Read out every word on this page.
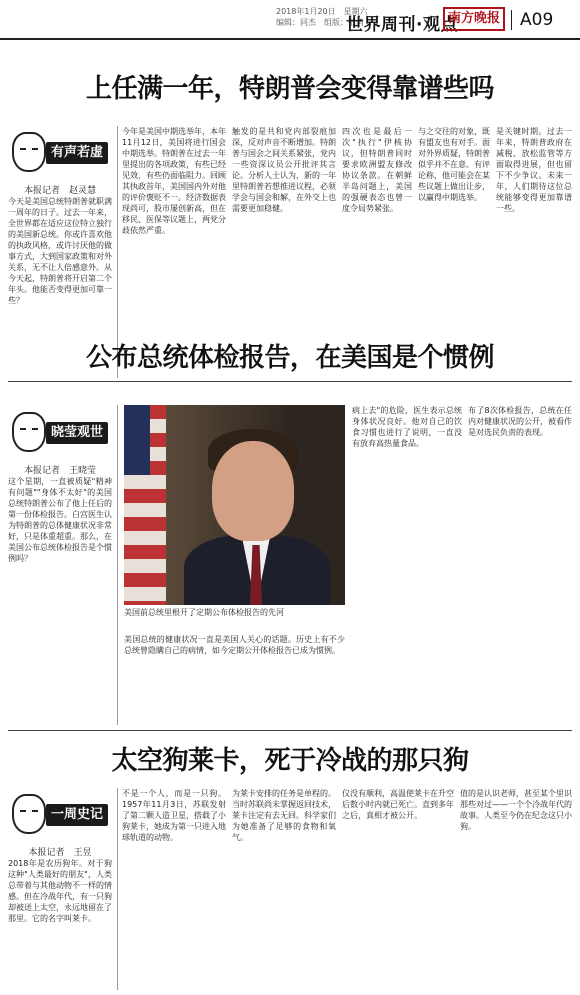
2018年1月20日　星期六
编辑：同杰　组版：敬莉
世界周刊·观点
南方晚报 A09
上任满一年，特朗普会变得靠谱些吗
有声若虚
本报记者　赵灵慧
今天是美国总统特朗普就职满一周年的日子。过去一年来，全世界都在适应这位特立独行的美国新总统。你或许喜欢他的执政风格，或许讨厌他的做事方式，大到国家政策和对外关系，无不让人倍感意外。从今天起，特朗普将开启第二个年头。他能否变得更加可靠一些？
今年是美国中期选举年，本年11月12日，美国将进行国会中期选举。特朗普在过去一年里提出的各项政策，有些已经见效，有些仍面临阻力。回顾其执政首年，美国国内外对他的评价褒贬不一。经济数据表现尚可，股市屡创新高，但在移民、医保等议题上，两党分歧依然严重。
触发的是共和党内部裂痕加深，反对声音不断增加。特朗普与国会之间关系紧张，党内一些资深议员公开批评其言论。分析人士认为，新的一年里特朗普若想推进议程，必须学会与国会和解，在外交上也需要更加稳健。
四次也是最后一次"执行"伊核协议，但特朗普同时要求欧洲盟友修改协议条款。在朝鲜半岛问题上，美国的强硬表态也曾一度令局势紧张。
与之交往的对象，既有盟友也有对手。面对外界质疑，特朗普似乎并不在意。有评论称，他可能会在某些议题上做出让步，以赢得中期选举。
是关键时期。过去一年来，特朗普政府在减税、放松监管等方面取得进展，但也留下不少争议。未来一年，人们期待这位总统能够变得更加靠谱一些。
公布总统体检报告，在美国是个惯例
晓莹观世界
本报记者　王晓莹
这个星期，一直被质疑"精神有问题""身体不太好"的美国总统特朗普公布了他上任后的第一份体检报告。白宫医生认为特朗普的总体健康状况非常好，只是体重超重。那么，在美国公布总统体检报告是个惯例吗？
美国前总统里根开了定期公布体检报告的先河
美国总统的健康状况一直是美国人关心的话题。历史上有不少总统曾隐瞒自己的病情，如今定期公开体检报告已成为惯例。
病上去"的危险，医生表示总统身体状况良好。他对自己的饮食习惯也进行了说明，一直没有放弃高热量食品。
布了8次体检报告，总统在任内对健康状况的公开，被看作是对选民负责的表现。
太空狗莱卡，死于冷战的那只狗
一周史记
本报记者　王昱
2018年是农历狗年。对于狗这种"人类最好的朋友"，人类总带着与其他动物不一样的情感。但在冷战年代，有一只狗却被送上太空，永远地留在了那里。它的名字叫莱卡。
不是一个人，而是一只狗。1957年11月3日，苏联发射了第二颗人造卫星，搭载了小狗莱卡，她成为第一只进入地球轨道的动物。
为莱卡安排的任务是单程的。当时苏联尚未掌握返回技术，莱卡注定有去无回。科学家们为她准备了足够的食物和氧气。
仪没有顺利，高温使莱卡在升空后数小时内就已死亡。直到多年之后，真相才被公开。
值的是认识老师，甚至某个里识那些对过——一个个冷战年代的故事。人类至今仍在纪念这只小狗。
